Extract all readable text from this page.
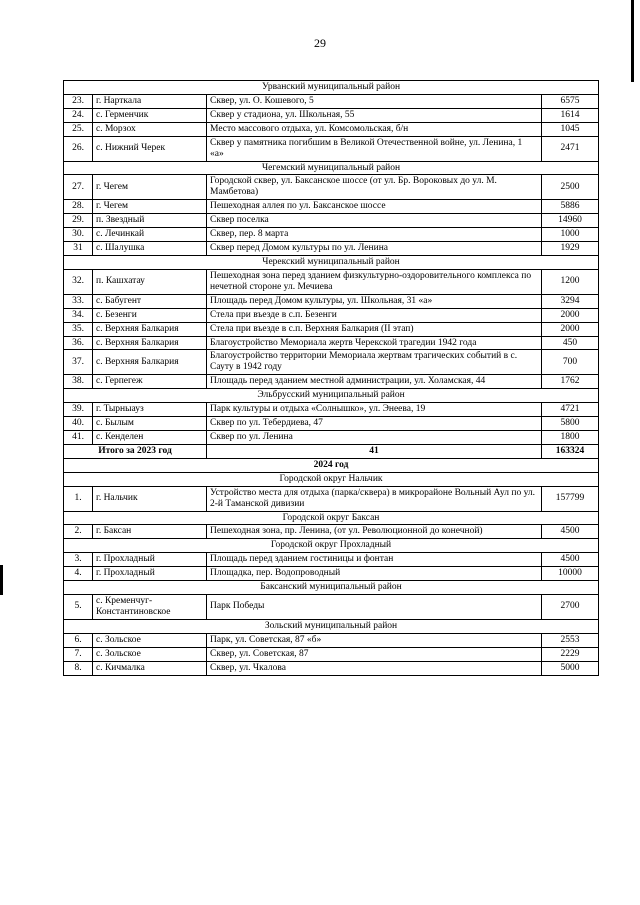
29
Урванский муниципальный район			
23.	г. Нарткала	Сквер, ул. О. Кошевого, 5	6575
24.	с. Герменчик	Сквер у стадиона, ул. Школьная, 55	1614
25.	с. Морзох	Место массового отдыха, ул. Комсомольская, б/н	1045
26.	с. Нижний Черек	Сквер у памятника погибшим в Великой Отечественной войне, ул. Ленина, 1 «а»	2471
Чегемский муниципальный район			
27.	г. Чегем	Городской сквер, ул. Баксанское шоссе (от ул. Бр. Вороковых до ул. М. Мамбетова)	2500
28.	г. Чегем	Пешеходная аллея по ул. Баксанское шоссе	5886
29.	п. Звездный	Сквер поселка	14960
30.	с. Лечинкай	Сквер, пер. 8 марта	1000
31	с. Шалушка	Сквер перед Домом культуры по ул. Ленина	1929
Черекский муниципальный район			
32.	п. Кашхатау	Пешеходная зона перед зданием физкультурно-оздоровительного комплекса по нечетной стороне ул. Мечиева	1200
33.	с. Бабугент	Площадь перед Домом культуры, ул. Школьная, 31 «а»	3294
34.	с. Безенги	Стела при въезде в с.п. Безенги	2000
35.	с. Верхняя Балкария	Стела при въезде в с.п. Верхняя Балкария (II этап)	2000
36.	с. Верхняя Балкария	Благоустройство Мемориала жертв Черекской трагедии 1942 года	450
37.	с. Верхняя Балкария	Благоустройство территории Мемориала жертвам трагических событий в с. Сауту в 1942 году	700
38.	с. Герпегеж	Площадь перед зданием местной администрации, ул. Холамская, 44	1762
Эльбрусский муниципальный район			
39.	г. Тырныауз	Парк культуры и отдыха «Солнышко», ул. Энеева, 19	4721
40.	с. Былым	Сквер по ул. Тебердиева, 47	5800
41.	с. Кенделен	Сквер по ул. Ленина	1800
Итого за 2023 год		41	163324
2024 год			
Городской округ Нальчик			
1.	г. Нальчик	Устройство места для отдыха (парка/сквера) в микрорайоне Вольный Аул по ул. 2-й Таманской дивизии	157799
Городской округ Баксан			
2.	г. Баксан	Пешеходная зона, пр. Ленина, (от ул. Революционной до конечной)	4500
Городской округ Прохладный			
3.	г. Прохладный	Площадь перед зданием гостиницы и фонтан	4500
4.	г. Прохладный	Площадка, пер. Водопроводный	10000
Баксанский муниципальный район			
5.	с. Кременчуг-Константиновское	Парк Победы	2700
Зольский муниципальный район			
6.	с. Зольское	Парк, ул. Советская, 87 «б»	2553
7.	с. Зольское	Сквер, ул. Советская, 87	2229
8.	с. Кичмалка	Сквер, ул. Чкалова	5000
